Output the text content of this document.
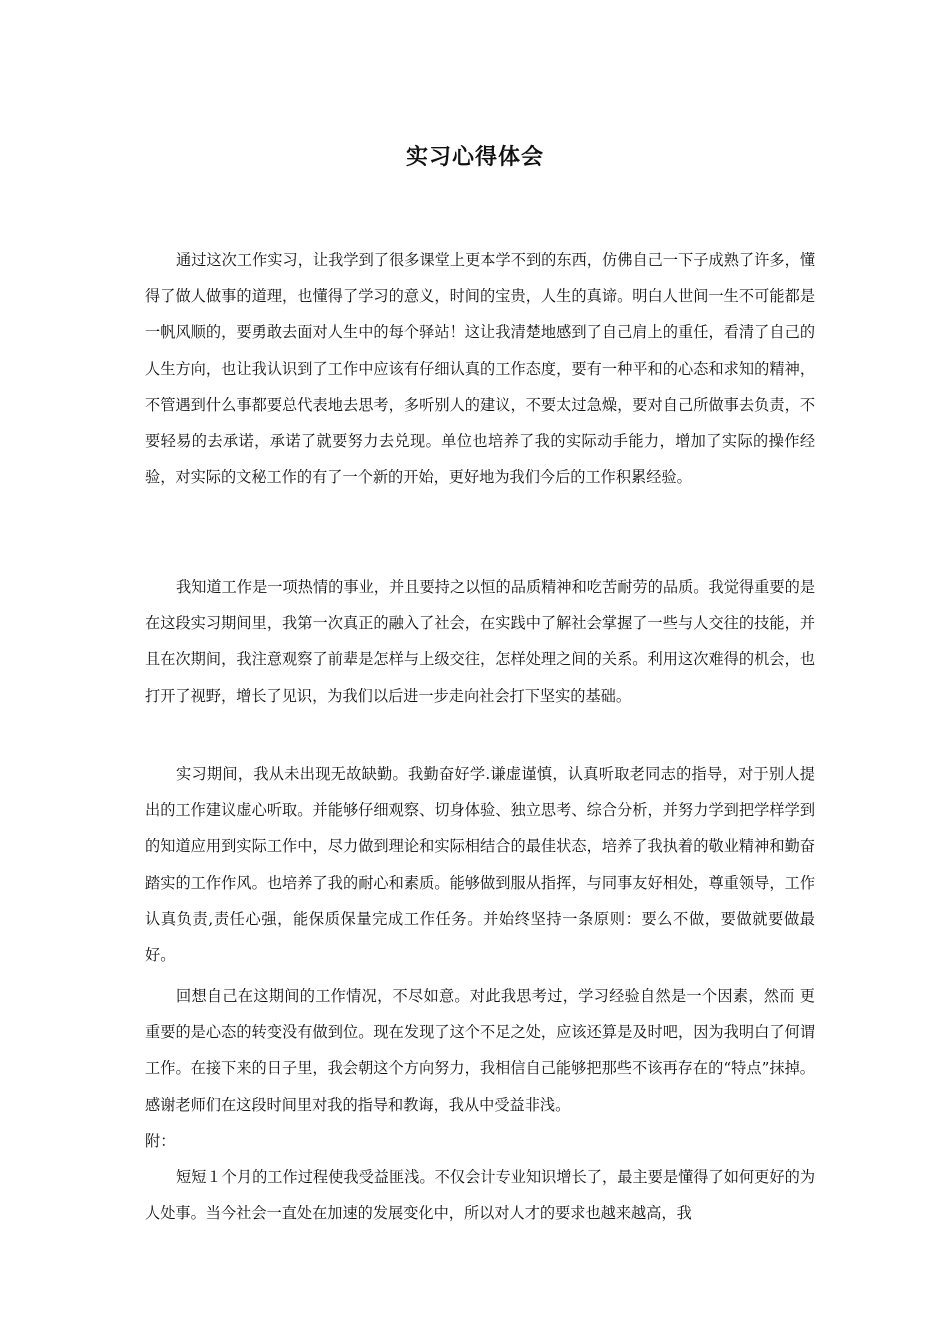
实习心得体会

通过这次工作实习，让我学到了很多课堂上更本学不到的东西，仿佛自己一下子成熟了许多，懂得了做人做事的道理，也懂得了学习的意义，时间的宝贵，人生的真谛。明白人世间一生不可能都是一帆风顺的，要勇敢去面对人生中的每个驿站！这让我清楚地感到了自己肩上的重任，看清了自己的人生方向，也让我认识到了工作中应该有仔细认真的工作态度，要有一种平和的心态和求知的精神，不管遇到什么事都要总代表地去思考，多听别人的建议，不要太过急燥，要对自己所做事去负责，不要轻易的去承诺，承诺了就要努力去兑现。单位也培养了我的实际动手能力，增加了实际的操作经验，对实际的文秘工作的有了一个新的开始，更好地为我们今后的工作积累经验。

我知道工作是一项热情的事业，并且要持之以恒的品质精神和吃苦耐劳的品质。我觉得重要的是在这段实习期间里，我第一次真正的融入了社会，在实践中了解社会掌握了一些与人交往的技能，并且在次期间，我注意观察了前辈是怎样与上级交往，怎样处理之间的关系。利用这次难得的机会，也打开了视野，增长了见识，为我们以后进一步走向社会打下坚实的基础。

实习期间，我从未出现无故缺勤。我勤奋好学.谦虚谨慎，认真听取老同志的指导，对于别人提出的工作建议虚心听取。并能够仔细观察、切身体验、独立思考、综合分析，并努力学到把学样学到的知道应用到实际工作中，尽力做到理论和实际相结合的最佳状态，培养了我执着的敬业精神和勤奋踏实的工作作风。也培养了我的耐心和素质。能够做到服从指挥，与同事友好相处，尊重领导，工作认真负责,责任心强，能保质保量完成工作任务。并始终坚持一条原则：要么不做，要做就要做最好。

回想自己在这期间的工作情况，不尽如意。对此我思考过，学习经验自然是一个因素，然而 更重要的是心态的转变没有做到位。现在发现了这个不足之处，应该还算是及时吧，因为我明白了何谓工作。在接下来的日子里，我会朝这个方向努力，我相信自己能够把那些不该再存在的“特点”抹掉。感谢老师们在这段时间里对我的指导和教诲，我从中受益非浅。

附：

短短１个月的工作过程使我受益匪浅。不仅会计专业知识增长了，最主要是懂得了如何更好的为人处事。当今社会一直处在加速的发展变化中，所以对人才的要求也越来越高，我
